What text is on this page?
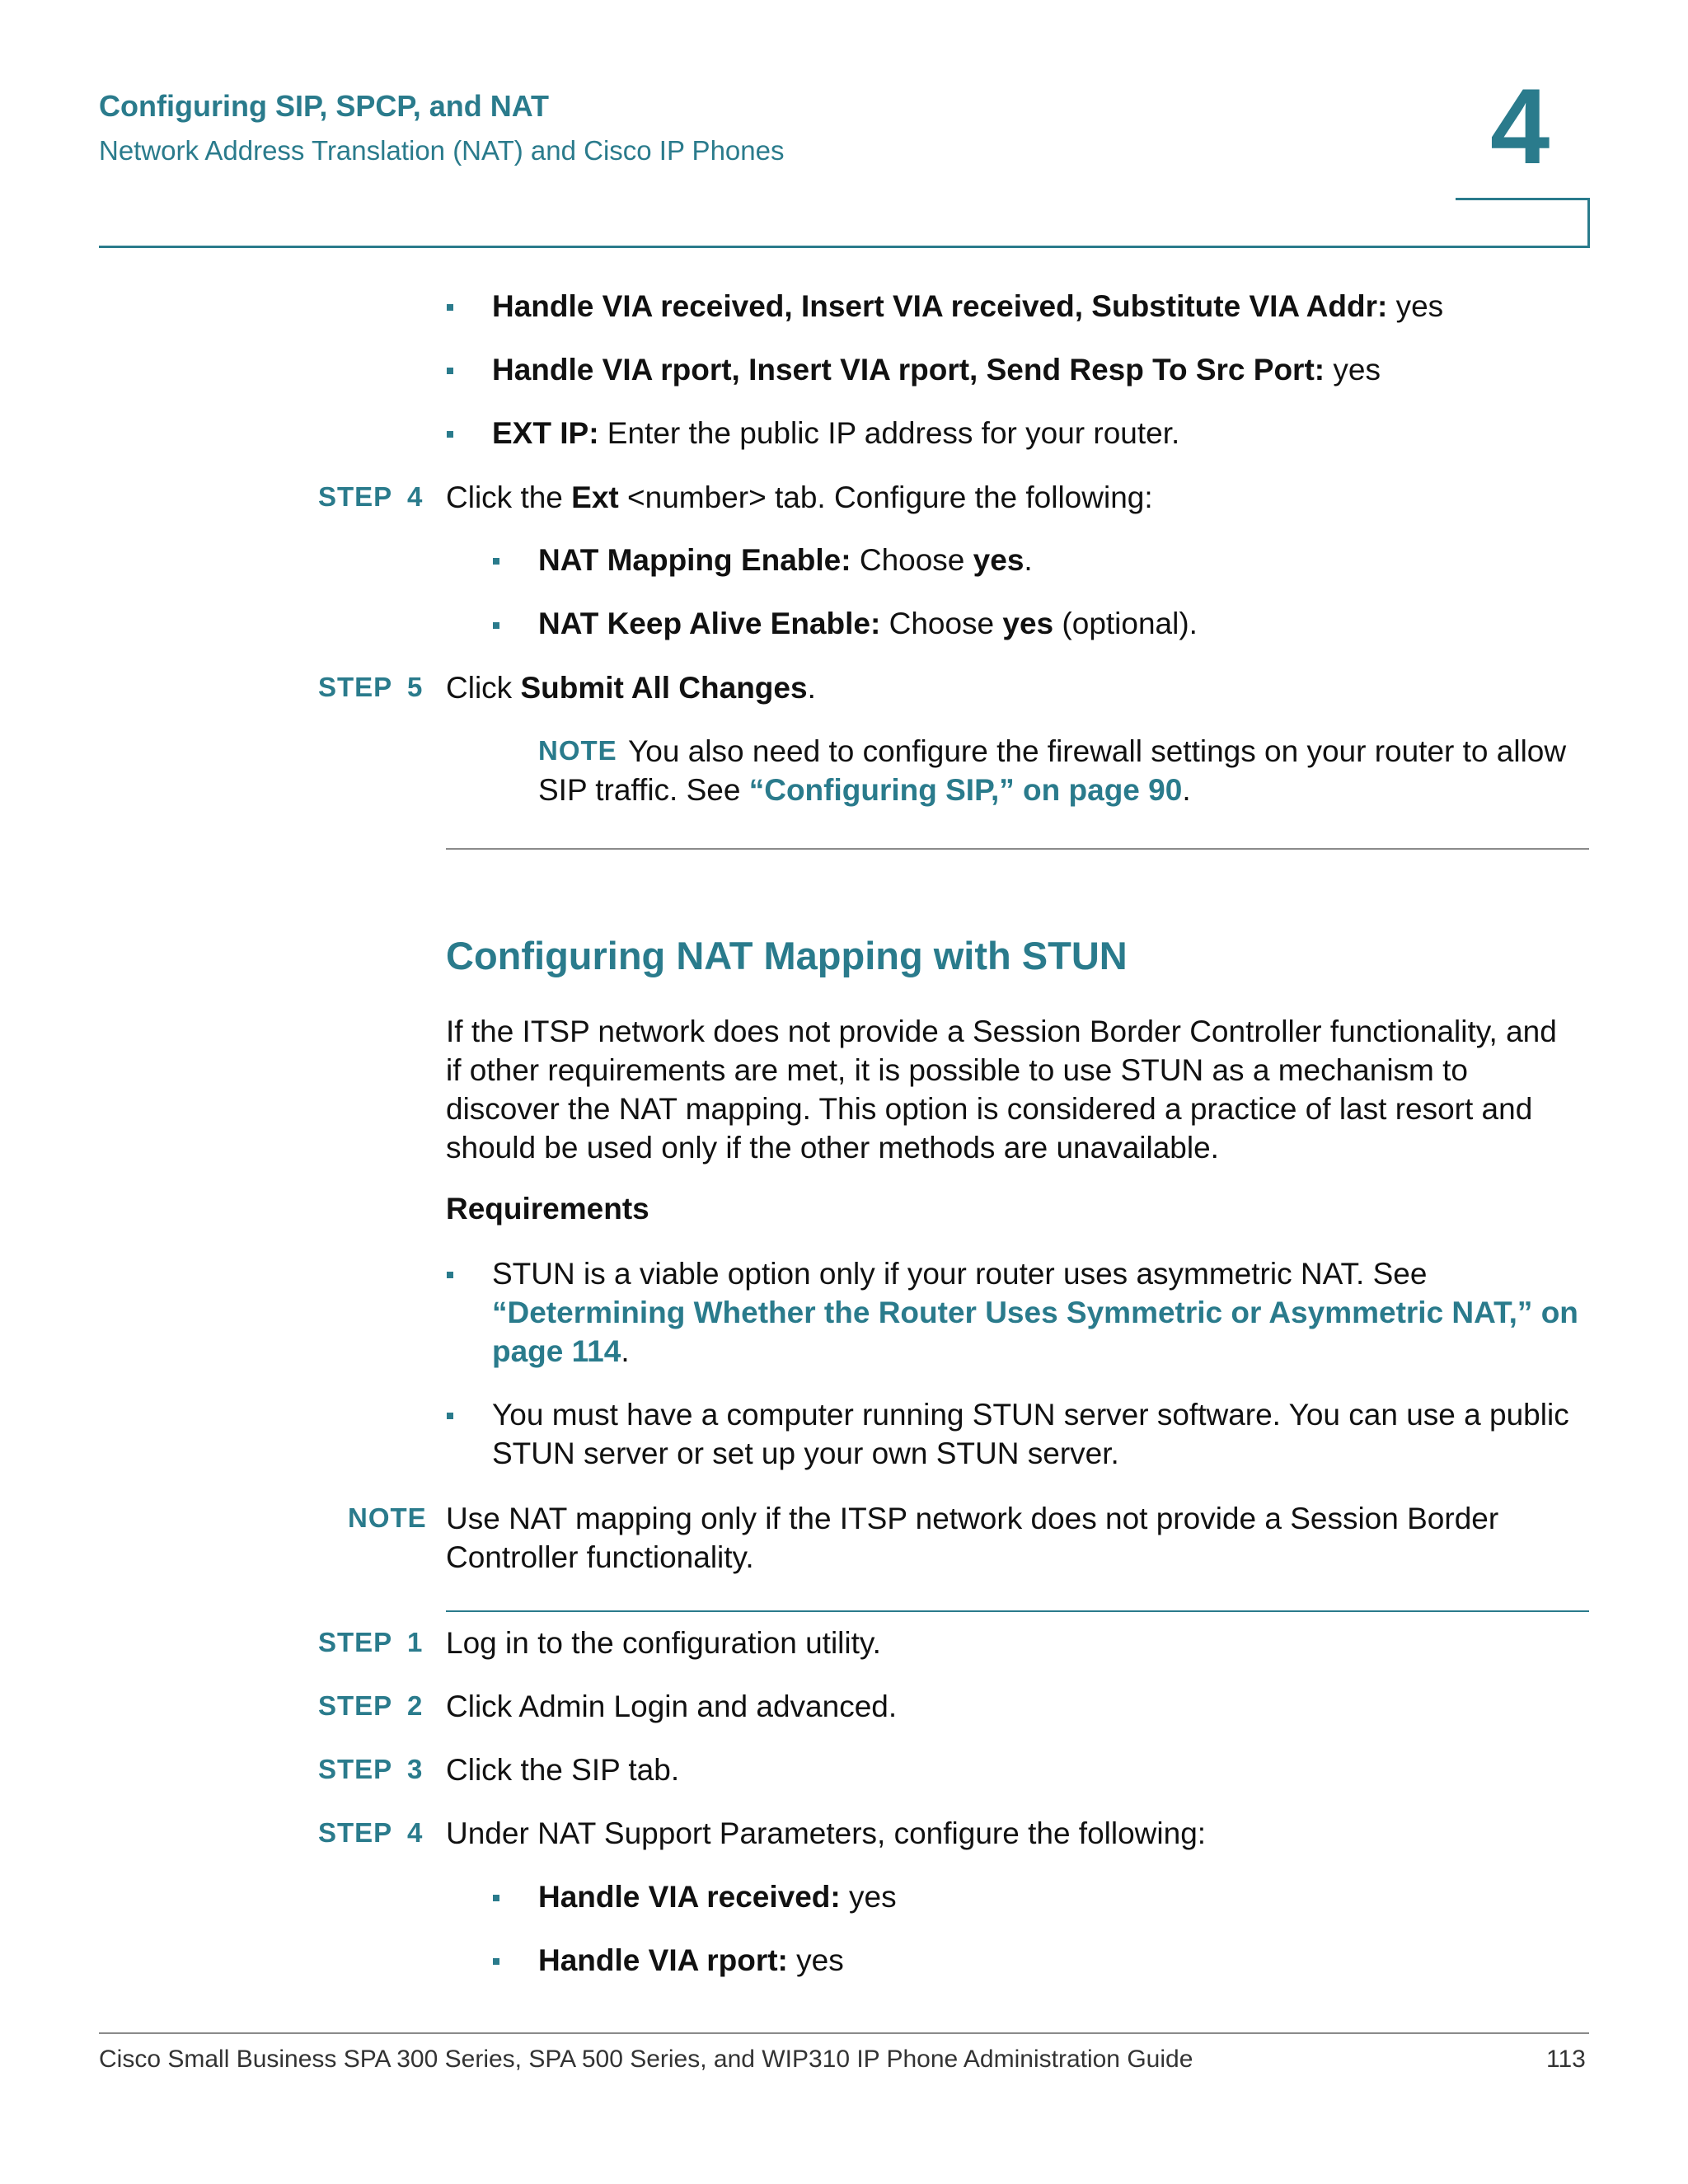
Configuring SIP, SPCP, and NAT
Network Address Translation (NAT) and Cisco IP Phones	4
Handle VIA received, Insert VIA received, Substitute VIA Addr: yes
Handle VIA rport, Insert VIA rport, Send Resp To Src Port: yes
EXT IP: Enter the public IP address for your router.
STEP 4 Click the Ext <number> tab. Configure the following:
NAT Mapping Enable: Choose yes.
NAT Keep Alive Enable: Choose yes (optional).
STEP 5 Click Submit All Changes.
NOTE You also need to configure the firewall settings on your router to allow
SIP traffic. See “Configuring SIP,” on page 90.
Configuring NAT Mapping with STUN
If the ITSP network does not provide a Session Border Controller functionality, and
if other requirements are met, it is possible to use STUN as a mechanism to
discover the NAT mapping. This option is considered a practice of last resort and
should be used only if the other methods are unavailable.
Requirements
STUN is a viable option only if your router uses asymmetric NAT. See
“Determining Whether the Router Uses Symmetric or Asymmetric NAT,” on
page 114.
You must have a computer running STUN server software. You can use a public
STUN server or set up your own STUN server.
NOTE Use NAT mapping only if the ITSP network does not provide a Session Border
Controller functionality.
STEP 1 Log in to the configuration utility.
STEP 2 Click Admin Login and advanced.
STEP 3 Click the SIP tab.
STEP 4 Under NAT Support Parameters, configure the following:
Handle VIA received: yes
Handle VIA rport: yes
Cisco Small Business SPA 300 Series, SPA 500 Series, and WIP310 IP Phone Administration Guide	113
